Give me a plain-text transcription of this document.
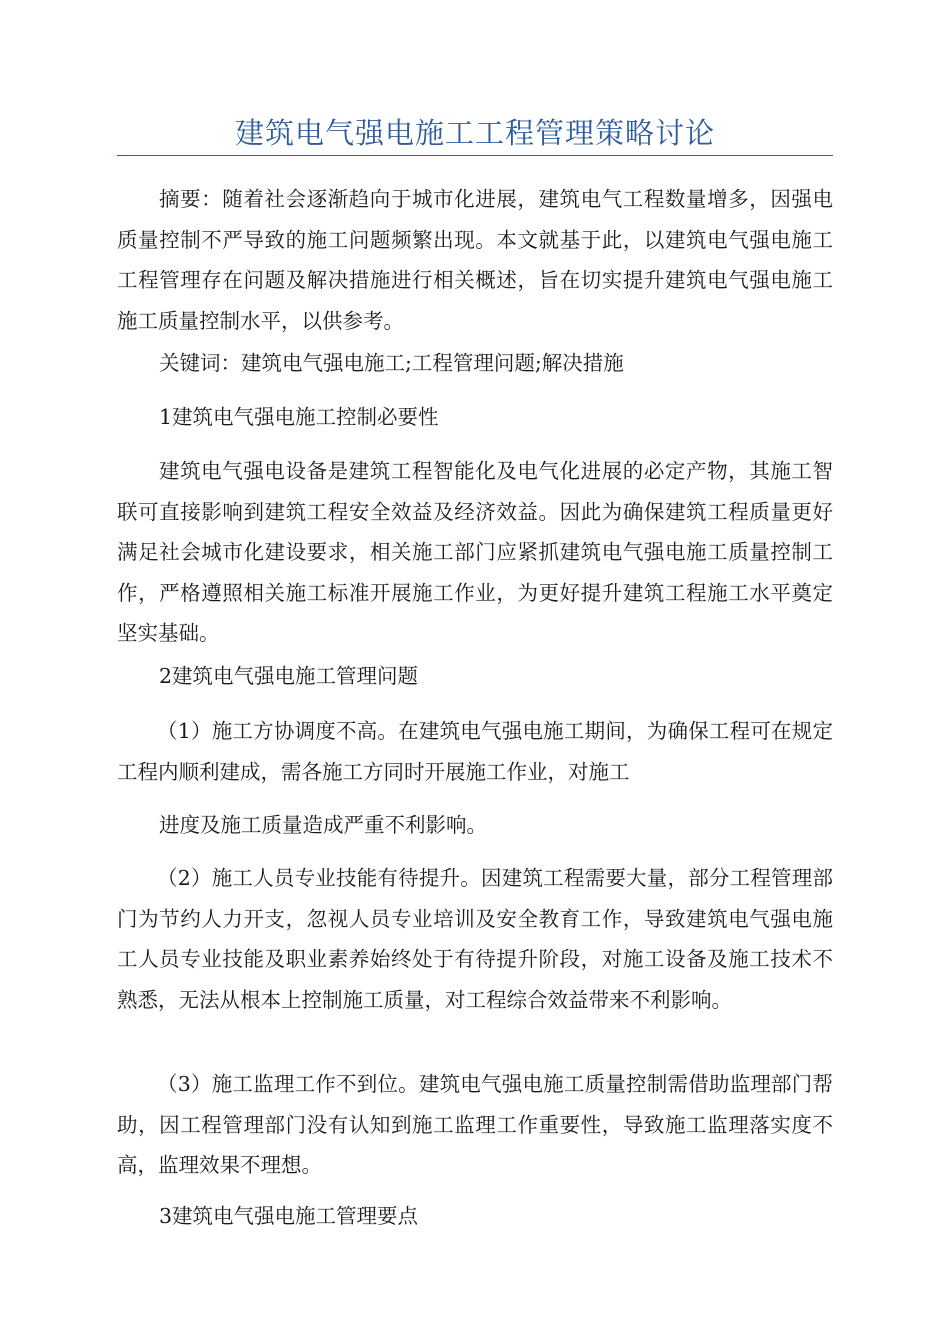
建筑电气强电施工工程管理策略讨论

摘要：随着社会逐渐趋向于城市化进展，建筑电气工程数量增多，因强电质量控制不严导致的施工问题频繁出现。本文就基于此，以建筑电气强电施工工程管理存在问题及解决措施进行相关概述，旨在切实提升建筑电气强电施工施工质量控制水平，以供参考。

关键词：建筑电气强电施工;工程管理问题;解决措施

1建筑电气强电施工控制必要性

建筑电气强电设备是建筑工程智能化及电气化进展的必定产物，其施工智联可直接影响到建筑工程安全效益及经济效益。因此为确保建筑工程质量更好满足社会城市化建设要求，相关施工部门应紧抓建筑电气强电施工质量控制工作，严格遵照相关施工标准开展施工作业，为更好提升建筑工程施工水平奠定坚实基础。

2建筑电气强电施工管理问题

（1）施工方协调度不高。在建筑电气强电施工期间，为确保工程可在规定工程内顺利建成，需各施工方同时开展施工作业，对施工

进度及施工质量造成严重不利影响。

（2）施工人员专业技能有待提升。因建筑工程需要大量，部分工程管理部门为节约人力开支，忽视人员专业培训及安全教育工作，导致建筑电气强电施工人员专业技能及职业素养始终处于有待提升阶段，对施工设备及施工技术不熟悉，无法从根本上控制施工质量，对工程综合效益带来不利影响。

（3）施工监理工作不到位。建筑电气强电施工质量控制需借助监理部门帮助，因工程管理部门没有认知到施工监理工作重要性，导致施工监理落实度不高，监理效果不理想。

3建筑电气强电施工管理要点
